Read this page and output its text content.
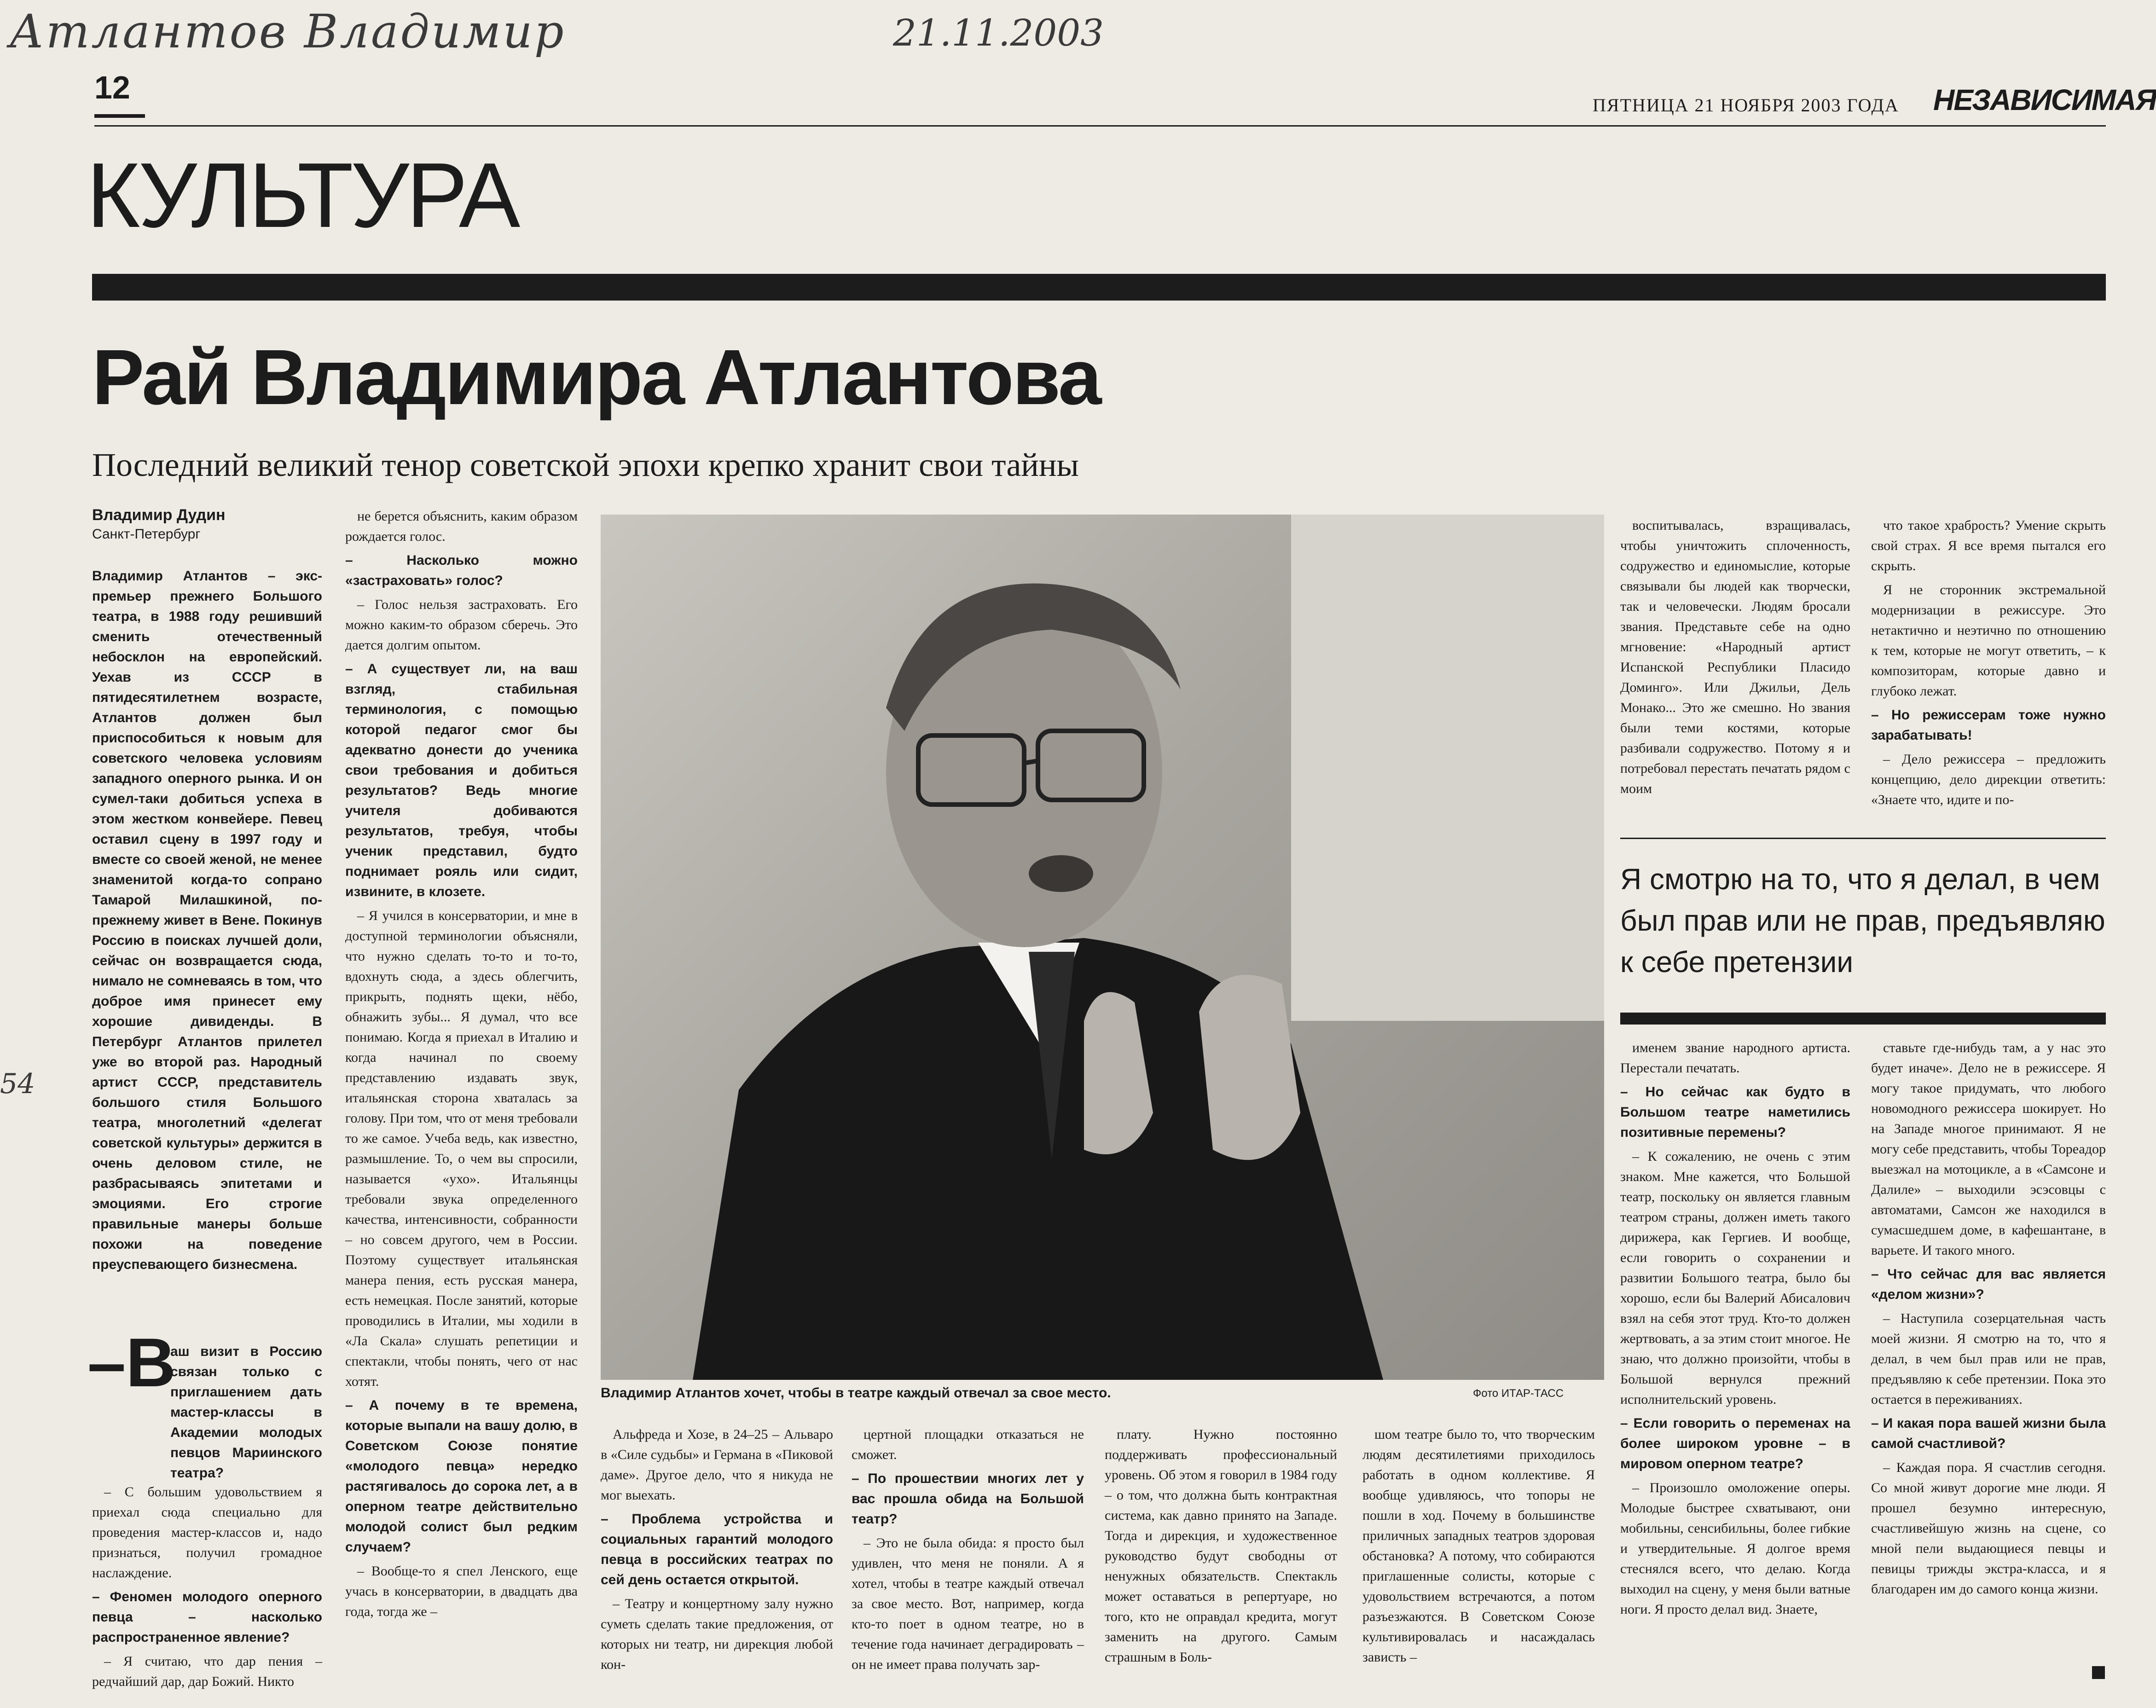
Атлантов Владимир	21.11.2003
54
12	ПЯТНИЦА 21 НОЯБРЯ 2003 ГОДА НЕЗАВИСИМАЯ
КУЛЬТУРА
Рай Владимира Атлантова
Последний великий тенор советской эпохи крепко хранит свои тайны
Владимир Дудин
Санкт-Петербург
Владимир Атлантов – экс-премьер прежнего Большого театра, в 1988 году решивший сменить отечественный небосклон на европейский. Уехав из СССР в пятидесятилетнем возрасте, Атлантов должен был приспособиться к новым для советского человека условиям западного оперного рынка. И он сумел-таки добиться успеха в этом жестком конвейере. Певец оставил сцену в 1997 году и вместе со своей женой, не менее знаменитой когда-то сопрано Тамарой Милашкиной, по-прежнему живет в Вене. Покинув Россию в поисках лучшей доли, сейчас он возвращается сюда, нимало не сомневаясь в том, что доброе имя принесет ему хорошие дивиденды. В Петербург Атлантов прилетел уже во второй раз. Народный артист СССР, представитель большого стиля Большого театра, многолетний «делегат советской культуры» держится в очень деловом стиле, не разбрасываясь эпитетами и эмоциями. Его строгие правильные манеры больше похожи на поведение преуспевающего бизнесмена.
–В
аш визит в Россию связан только с приглашением дать мастер-классы в Академии молодых певцов Мариинского театра?

– С большим удовольствием я приехал сюда специально для проведения мастер-классов и, надо признаться, получил громадное наслаждение.

– Феномен молодого оперного певца – насколько распространенное явление?

– Я считаю, что дар пения – редчайший дар, дар Божий. Никто

не берется объяснить, каким образом рождается голос.

– Насколько можно «застраховать» голос?

– Голос нельзя застраховать. Его можно каким-то образом сберечь. Это дается долгим опытом.

– А существует ли, на ваш взгляд, стабильная терминология, с помощью которой педагог смог бы адекватно донести до ученика свои требования и добиться результатов? Ведь многие учителя добиваются результатов, требуя, чтобы ученик представил, будто поднимает рояль или сидит, извините, в клозете.

– Я учился в консерватории, и мне в доступной терминологии объясняли, что нужно сделать то-то и то-то, вдохнуть сюда, а здесь облегчить, прикрыть, поднять щеки, нёбо, обнажить зубы... Я думал, что все понимаю. Когда я приехал в Италию и когда начинал по своему представлению издавать звук, итальянская сторона хваталась за голову. При том, что от меня требовали то же самое. Учеба ведь, как известно, размышление. То, о чем вы спросили, называется «ухо». Итальянцы требовали звука определенного качества, интенсивности, собранности – но совсем другого, чем в России. Поэтому существует итальянская манера пения, есть русская манера, есть немецкая. После занятий, которые проводились в Италии, мы ходили в «Ла Скала» слушать репетиции и спектакли, чтобы понять, чего от нас хотят.

– А почему в те времена, которые выпали на вашу долю, в Советском Союзе понятие «молодого певца» нередко растягивалось до сорока лет, а в оперном театре действительно молодой солист был редким случаем?

– Вообще-то я спел Ленского, еще учась в консерватории, в двадцать два года, тогда же –

Владимир Атлантов хочет, чтобы в театре каждый отвечал за свое место.	Фото ИТАР-ТАСС

Альфреда и Хозе, в 24–25 – Альваро в «Силе судьбы» и Германа в «Пиковой даме». Другое дело, что я никуда не мог выехать.

– Проблема устройства и социальных гарантий молодого певца в российских театрах по сей день остается открытой.

– Театру и концертному залу нужно суметь сделать такие предложения, от которых ни театр, ни дирекция любой кон-

цертной площадки отказаться не сможет.

– По прошествии многих лет у вас прошла обида на Большой театр?

– Это не была обида: я просто был удивлен, что меня не поняли. А я хотел, чтобы в театре каждый отвечал за свое место. Вот, например, когда кто-то поет в одном театре, но в течение года начинает деградировать – он не имеет права получать зар-

плату. Нужно постоянно поддерживать профессиональный уровень. Об этом я говорил в 1984 году – о том, что должна быть контрактная система, как давно принято на Западе. Тогда и дирекция, и художественное руководство будут свободны от ненужных обязательств. Спектакль может оставаться в репертуаре, но того, кто не оправдал кредита, могут заменить на другого. Самым страшным в Боль-

шом театре было то, что творческим людям десятилетиями приходилось работать в одном коллективе. Я вообще удивляюсь, что топоры не пошли в ход. Почему в большинстве приличных западных театров здоровая обстановка? А потому, что собираются приглашенные солисты, которые с удовольствием встречаются, а потом разъезжаются. В Советском Союзе культивировалась и насаждалась зависть –

воспитывалась, взращивалась, чтобы уничтожить сплоченность, содружество и единомыслие, которые связывали бы людей как творчески, так и человечески. Людям бросали звания. Представьте себе на одно мгновение: «Народный артист Испанской Республики Пласидо Доминго». Или Джильи, Дель Монако... Это же смешно. Но звания были теми костями, которые разбивали содружество. Потому я и потребовал перестать печатать рядом с моим

что такое храбрость? Умение скрыть свой страх. Я все время пытался его скрыть.

Я не сторонник экстремальной модернизации в режиссуре. Это нетактично и неэтично по отношению к тем, которые не могут ответить, – к композиторам, которые давно и глубоко лежат.

– Но режиссерам тоже нужно зарабатывать!

– Дело режиссера – предложить концепцию, дело дирекции ответить: «Знаете что, идите и по-

Я смотрю на то, что я делал, в чем был прав или не прав, предъявляю к себе претензии

именем звание народного артиста. Перестали печатать.

– Но сейчас как будто в Большом театре наметились позитивные перемены?

– К сожалению, не очень с этим знаком. Мне кажется, что Большой театр, поскольку он является главным театром страны, должен иметь такого дирижера, как Гергиев. И вообще, если говорить о сохранении и развитии Большого театра, было бы хорошо, если бы Валерий Абисалович взял на себя этот труд. Кто-то должен жертвовать, а за этим стоит многое. Не знаю, что должно произойти, чтобы в Большой вернулся прежний исполнительский уровень.

– Если говорить о переменах на более широком уровне – в мировом оперном театре?

– Произошло омоложение оперы. Молодые быстрее схватывают, они мобильны, сенсибильны, более гибкие и утвердительные. Я долгое время стеснялся всего, что делаю. Когда выходил на сцену, у меня были ватные ноги. Я просто делал вид. Знаете,

ставьте где-нибудь там, а у нас это будет иначе». Дело не в режиссере. Я могу такое придумать, что любого новомодного режиссера шокирует. Но на Западе многое принимают. Я не могу себе представить, чтобы Тореадор выезжал на мотоцикле, а в «Самсоне и Далиле» – выходили эсэсовцы с автоматами, Самсон же находился в сумасшедшем доме, в кафешантане, в варьете. И такого много.

– Что сейчас для вас является «делом жизни»?

– Наступила созерцательная часть моей жизни. Я смотрю на то, что я делал, в чем был прав или не прав, предъявляю к себе претензии. Пока это остается в переживаниях.

– И какая пора вашей жизни была самой счастливой?

– Каждая пора. Я счастлив сегодня. Со мной живут дорогие мне люди. Я прошел безумно интересную, счастливейшую жизнь на сцене, со мной пели выдающиеся певцы и певицы трижды экстра-класса, и я благодарен им до самого конца жизни.
